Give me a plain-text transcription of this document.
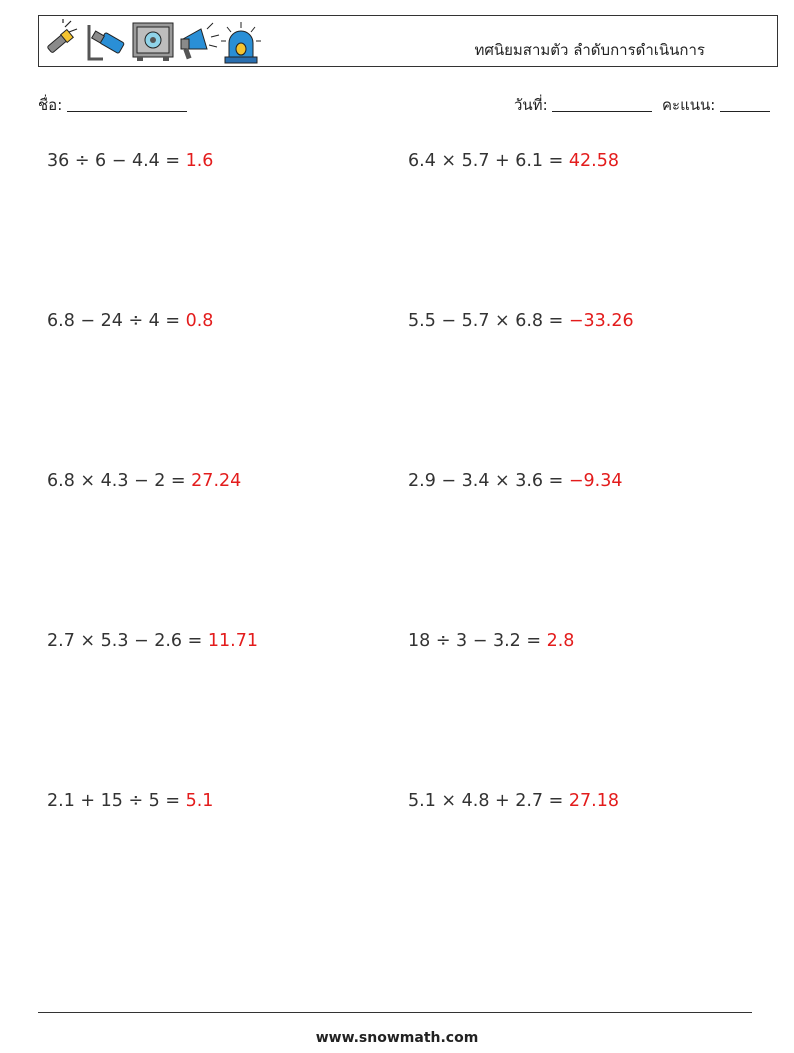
ทศนิยมสามตัว ลำดับการดำเนินการ
ชื่อ:	วันที่:	คะแนน:
36 ÷ 6 − 4.4 = 1.6	6.4 × 5.7 + 6.1 = 42.58
6.8 − 24 ÷ 4 = 0.8	5.5 − 5.7 × 6.8 = −33.26
6.8 × 4.3 − 2 = 27.24	2.9 − 3.4 × 3.6 = −9.34
2.7 × 5.3 − 2.6 = 11.71	18 ÷ 3 − 3.2 = 2.8
2.1 + 15 ÷ 5 = 5.1	5.1 × 4.8 + 2.7 = 27.18
www.snowmath.com
